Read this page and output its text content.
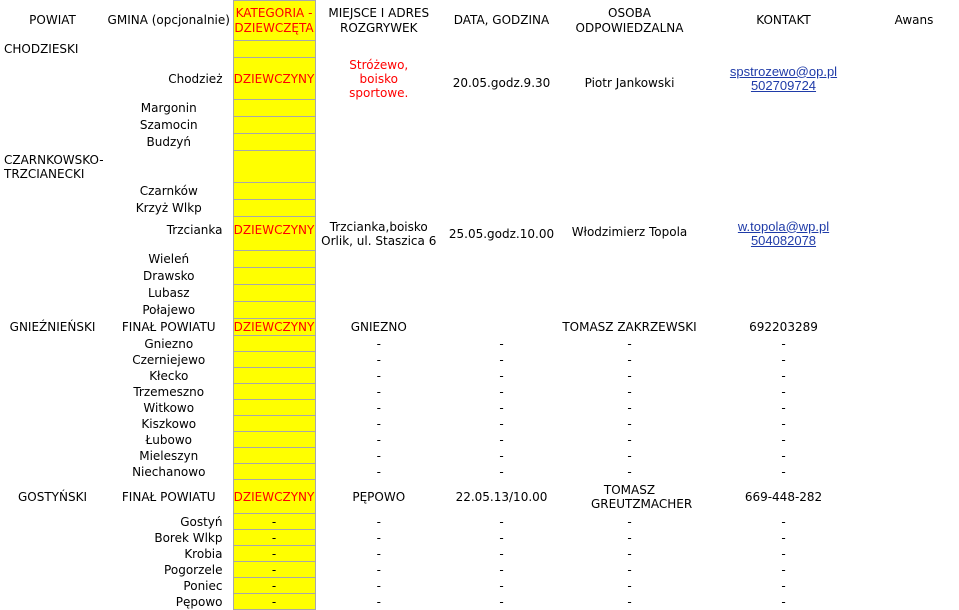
POWIAT	GMINA (opcjonalnie)	KATEGORIA - DZIEWCZĘTA	MIEJSCE I ADRES ROZGRYWEK	DATA, GODZINA	OSOBA ODPOWIEDZALNA	KONTAKT	Awans
CHODZIESKI							
	Chodzież	DZIEWCZYNY	Stróżewo, boisko sportowe.	20.05.godz.9.30	Piotr Jankowski	spstrozewo@op.pl
502709724	

	Margonin						
	Szamocin						
	Budzyń						
CZARNKOWSKO-TRZCIANECKI							
	Czarnków						
	Krzyż Wlkp						
	Trzcianka	DZIEWCZYNY	Trzcianka,boisko Orlik, ul. Staszica 6	25.05.godz.10.00	Włodzimierz Topola	w.topola@wp.pl
504082078	

	Wieleń						
	Drawsko						
	Lubasz						
	Połajewo						
GNIEŹNIEŃSKI	FINAŁ POWIATU	DZIEWCZYNY	GNIEZNO		TOMASZ ZAKRZEWSKI	692203289	
	Gniezno		-	-	-	-	
	Czerniejewo		-	-	-	-	
	Kłecko		-	-	-	-	
	Trzemeszno		-	-	-	-	
	Witkowo		-	-	-	-	
	Kiszkowo		-	-	-	-	
	Łubowo		-	-	-	-	
	Mieleszyn		-	-	-	-	
	Niechanowo		-	-	-	-	
GOSTYŃSKI	FINAŁ POWIATU	DZIEWCZYNY	PĘPOWO	22.05.13/10.00	TOMASZ GREUTZMACHER	669-448-282	
	Gostyń	-	-	-	-	-	
	Borek Wlkp	-	-	-	-	-	
	Krobia	-	-	-	-	-	
	Pogorzele	-	-	-	-	-	
	Poniec	-	-	-	-	-	
	Pępowo	-	-	-	-	-	
